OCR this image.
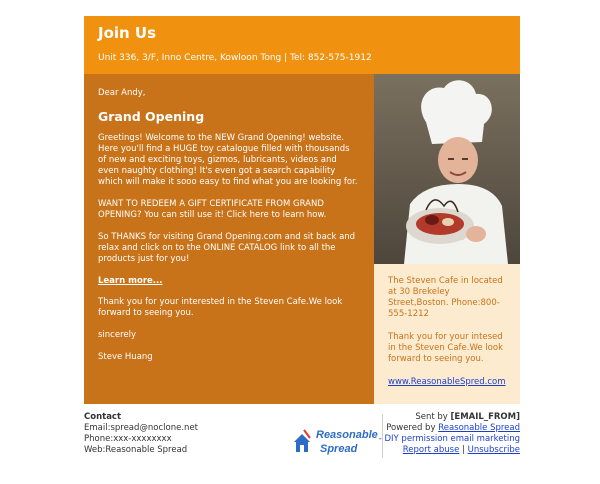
Join Us
Unit 336, 3/F, Inno Centre, Kowloon Tong | Tel: 852-575-1912

Dear Andy,

Grand Opening

Greetings! Welcome to the NEW Grand Opening! website. Here you'll find a HUGE toy catalogue filled with thousands of new and exciting toys, gizmos, lubricants, videos and even naughty clothing! It's even got a search capability which will make it sooo easy to find what you are looking for.

WANT TO REDEEM A GIFT CERTIFICATE FROM GRAND OPENING? You can still use it! Click here to learn how.

So THANKS for visiting Grand Opening.com and sit back and relax and click on to the ONLINE CATALOG link to all the products just for you!

Learn more...

Thank you for your interested in the Steven Cafe.We look forward to seeing you.

sincerely

Steve Huang

The Steven Cafe in located at 30 Brekeley Street,Boston. Phone:800-555-1212

Thank you for your intesed in the Steven Cafe.We look forward to seeing you.

www.ReasonableSpred.com
Contact
Email:spread@noclone.net
Phone:xxx-xxxxxxxx
Web:Reasonable Spread
Reasonable
Spread
Sent by [EMAIL_FROM]
Powered by Reasonable Spread
- DIY permission email marketing
Report abuse | Unsubscribe
